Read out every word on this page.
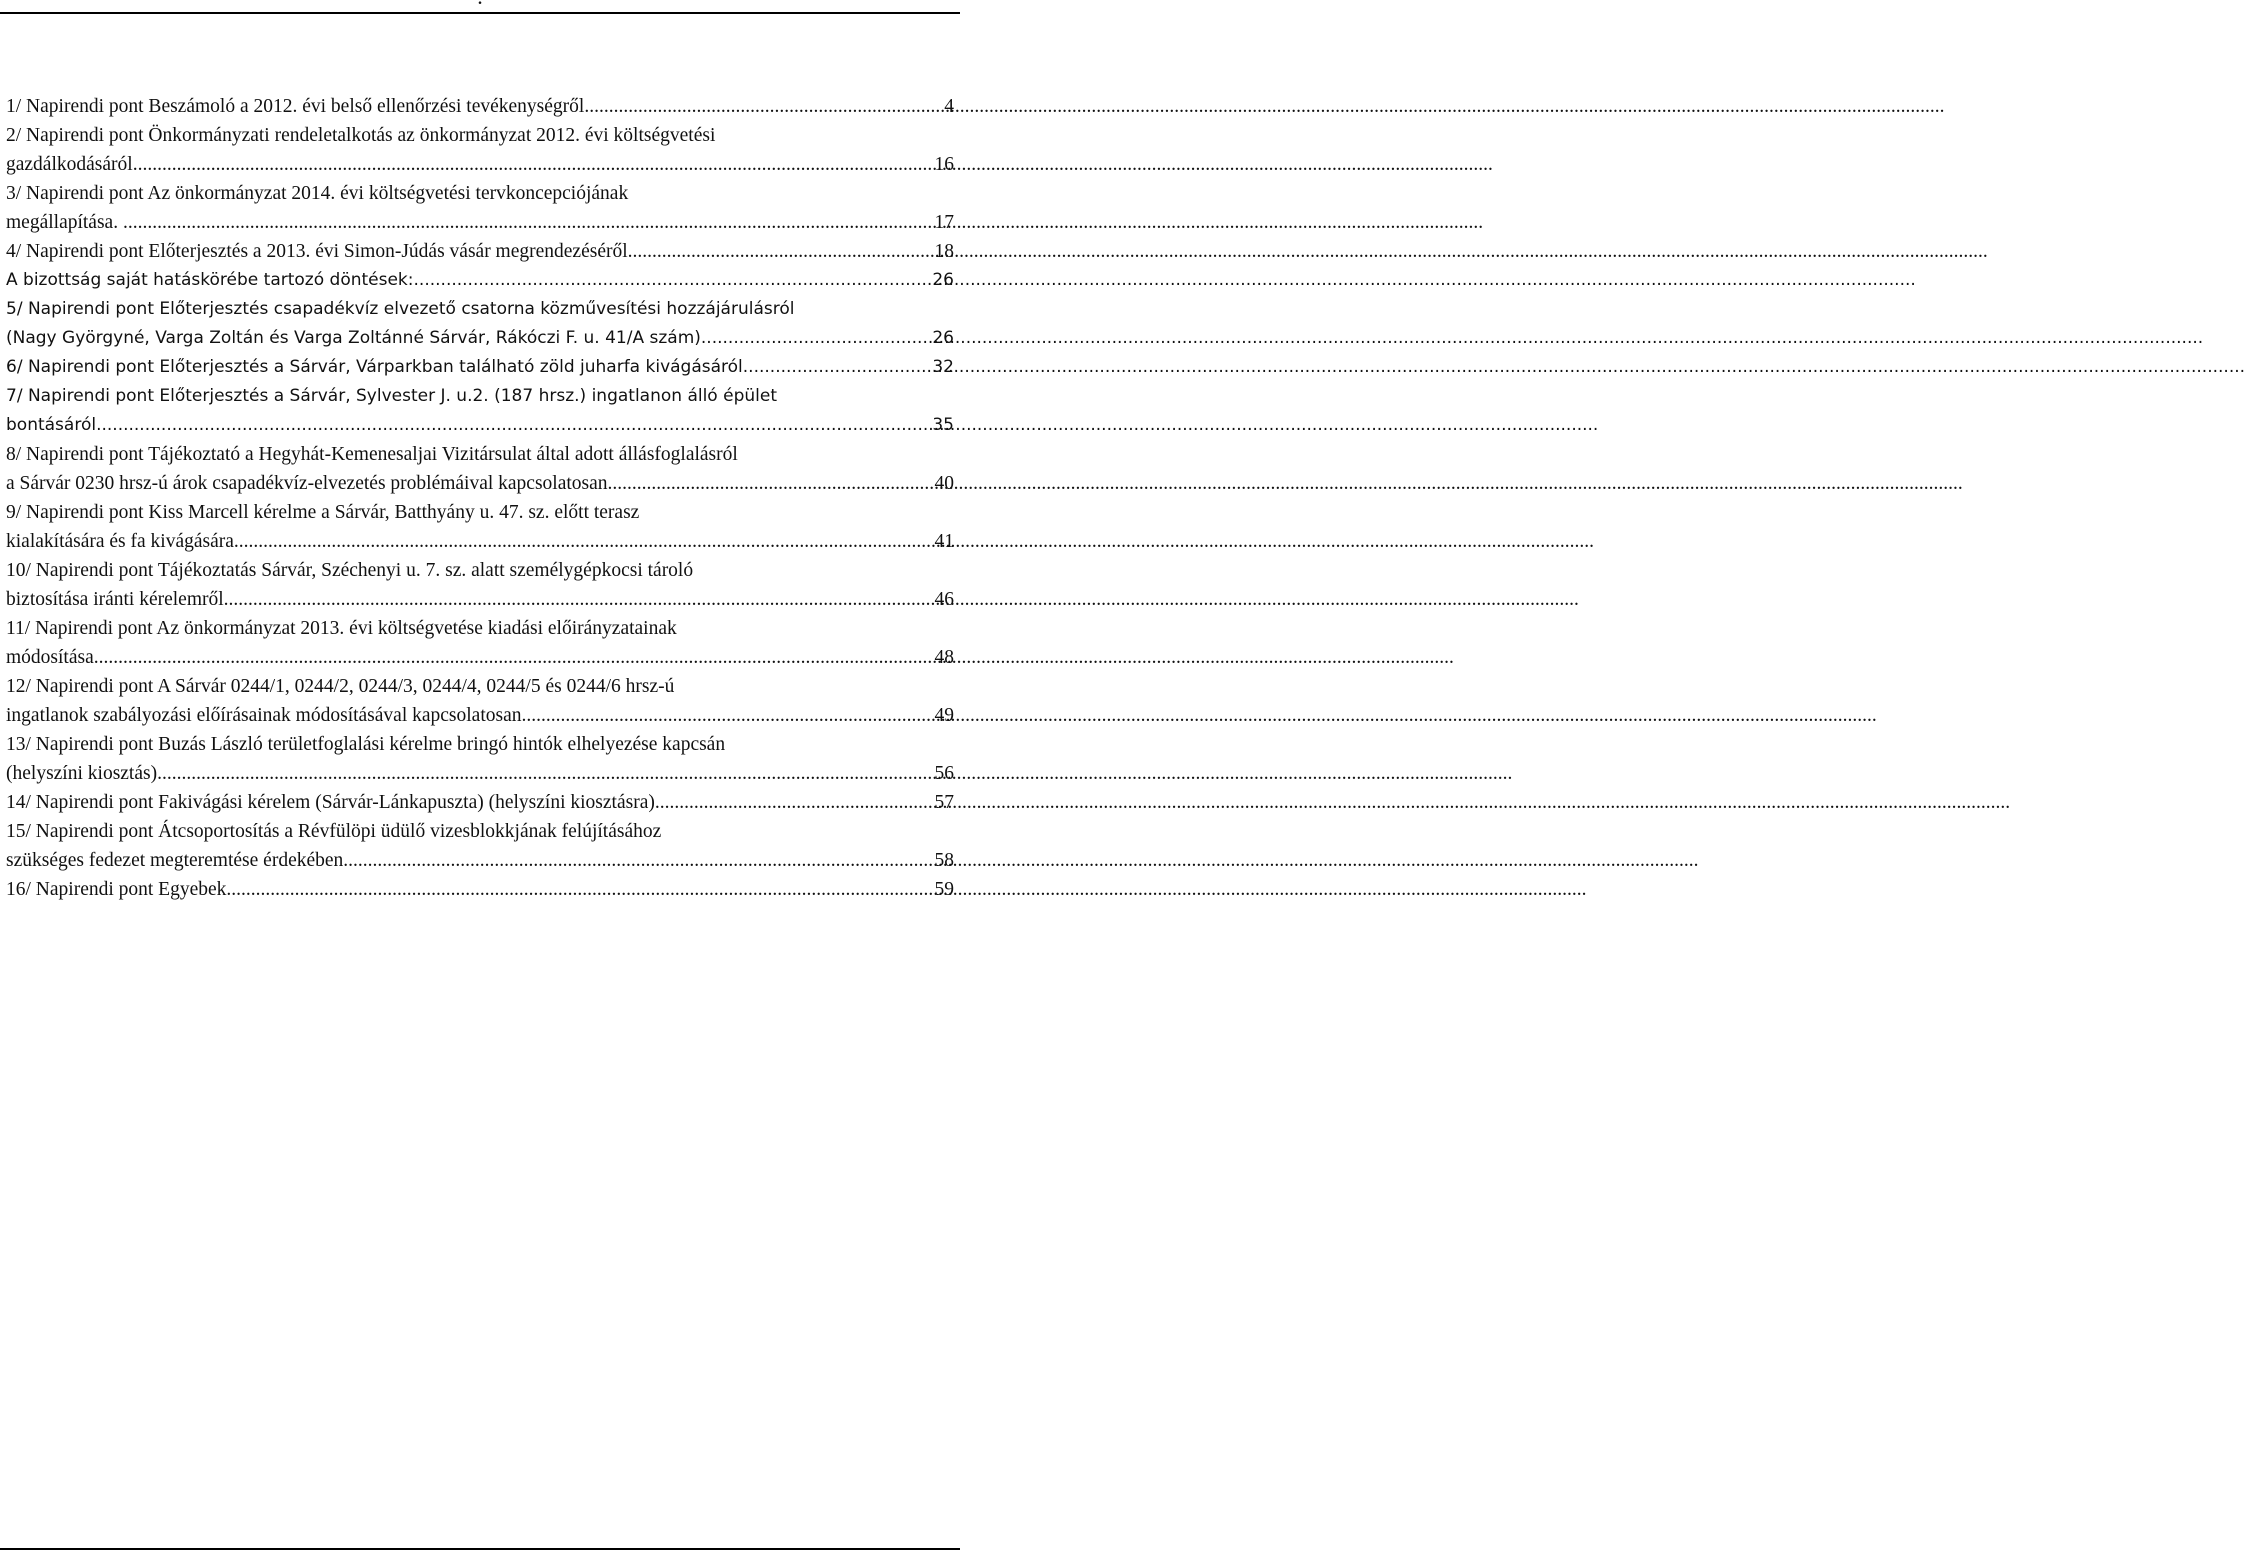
1/ Napirendi pont Beszámoló a 2012. évi belső ellenőrzési tevékenységről. .....	4
2/ Napirendi pont Önkormányzati rendeletalkotás az önkormányzat 2012. évi költségvetési
gazdálkodásáról. .....	16
3/ Napirendi pont Az önkormányzat 2014. évi költségvetési tervkoncepciójának
megállapítása. . .....	17
4/ Napirendi pont Előterjesztés a 2013. évi Simon-Júdás vásár megrendezéséről. .....	18
A bizottság saját hatáskörébe tartozó döntések: .....	26
5/ Napirendi pont Előterjesztés csapadékvíz elvezető csatorna közművesítési hozzájárulásról
(Nagy Györgyné, Varga Zoltán és Varga Zoltánné Sárvár, Rákóczi F. u. 41/A szám) .....	26
6/ Napirendi pont Előterjesztés a Sárvár, Várparkban található zöld juharfa kivágásáról .....	32
7/ Napirendi pont Előterjesztés a Sárvár, Sylvester J. u.2. (187 hrsz.) ingatlanon álló épület
bontásáról .....	35
8/ Napirendi pont Tájékoztató a Hegyhát-Kemenesaljai Vizitársulat által adott állásfoglalásról
a Sárvár 0230 hrsz-ú árok csapadékvíz-elvezetés problémáival kapcsolatosan .....	40
9/ Napirendi pont Kiss Marcell kérelme a Sárvár, Batthyány u. 47. sz. előtt terasz
kialakítására és fa kivágására. .....	41
10/ Napirendi pont Tájékoztatás Sárvár, Széchenyi u. 7. sz. alatt személygépkocsi tároló
biztosítása iránti kérelemről .....	46
11/ Napirendi pont Az önkormányzat 2013. évi költségvetése kiadási előirányzatainak
módosítása. .....	48
12/ Napirendi pont A Sárvár 0244/1, 0244/2, 0244/3, 0244/4, 0244/5 és 0244/6 hrsz-ú
ingatlanok szabályozási előírásainak módosításával kapcsolatosan .....	49
13/ Napirendi pont Buzás László területfoglalási kérelme bringó hintók elhelyezése kapcsán
(helyszíni kiosztás) .....	56
14/ Napirendi pont Fakivágási kérelem (Sárvár-Lánkapuszta) (helyszíni kiosztásra) .....	57
15/ Napirendi pont Átcsoportosítás a Révfülöpi üdülő vizesblokkjának felújításához
szükséges fedezet megteremtése érdekében .....	58
16/ Napirendi pont Egyebek. .....	59
